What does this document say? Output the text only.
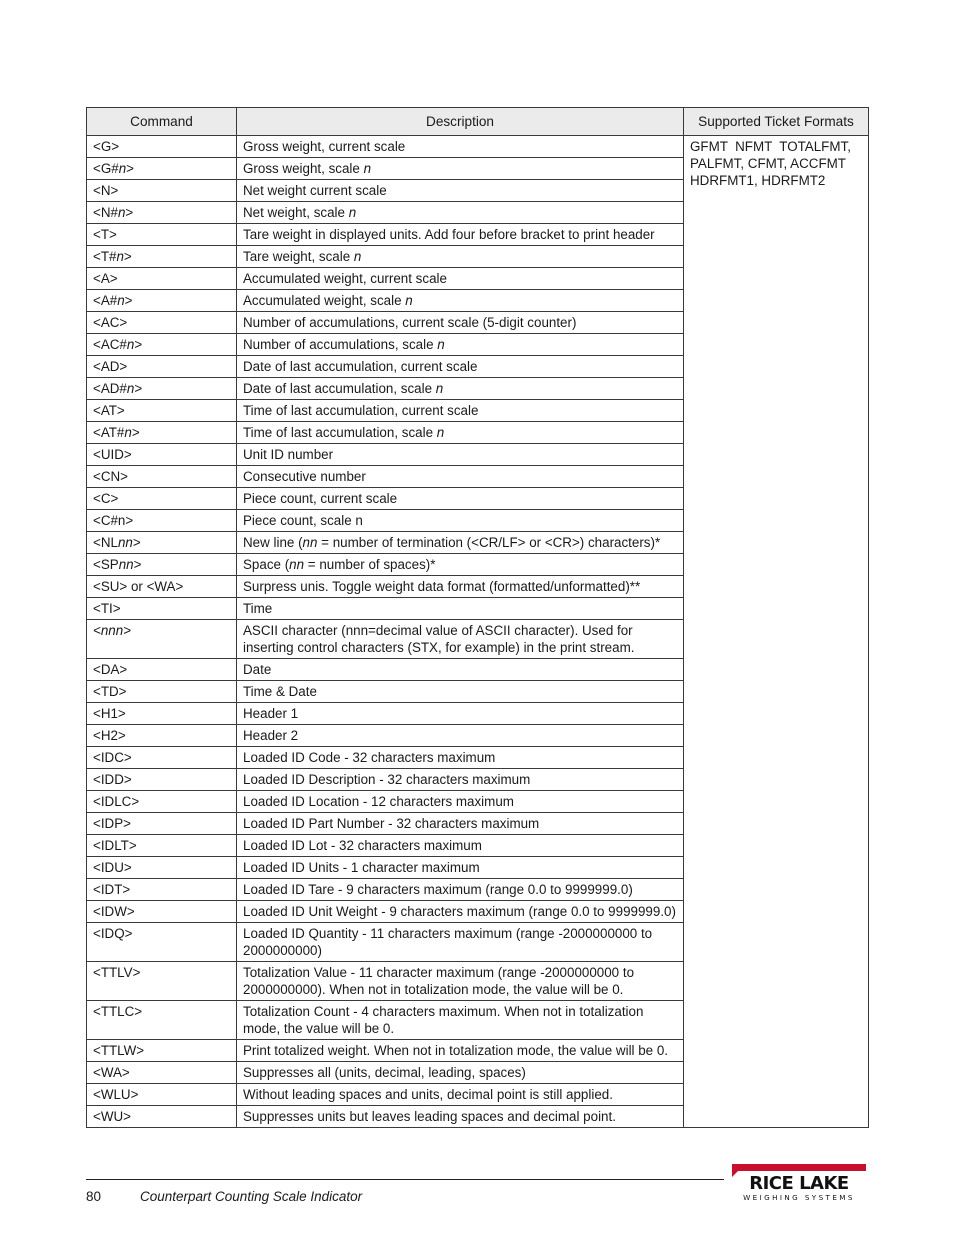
Command	Description	Supported Ticket Formats
<G>	Gross weight, current scale	GFMT  NFMT  TOTALFMT,
PALFMT, CFMT, ACCFMT
HDRFMT1, HDRFMT2

<G#n>	Gross weight, scale n	
<N>	Net weight current scale	
<N#n>	Net weight, scale n	
<T>	Tare weight in displayed units. Add four before bracket to print header	
<T#n>	Tare weight, scale n	
<A>	Accumulated weight, current scale	
<A#n>	Accumulated weight, scale n	
<AC>	Number of accumulations, current scale (5-digit counter)	
<AC#n>	Number of accumulations, scale n	
<AD>	Date of last accumulation, current scale	
<AD#n>	Date of last accumulation, scale n	
<AT>	Time of last accumulation, current scale	
<AT#n>	Time of last accumulation, scale n	
<UID>	Unit ID number	
<CN>	Consecutive number	
<C>	Piece count, current scale	
<C#n>	Piece count, scale n	
<NLnn>	New line (nn = number of termination (<CR/LF> or <CR>) characters)*	
<SPnn>	Space (nn = number of spaces)*	
<SU> or <WA>	Surpress unis. Toggle weight data format (formatted/unformatted)**	
<TI>	Time	
<nnn>	ASCII character (nnn=decimal value of ASCII character). Used for inserting control characters (STX, for example) in the print stream.	
<DA>	Date	
<TD>	Time & Date	
<H1>	Header 1	
<H2>	Header 2	
<IDC>	Loaded ID Code - 32 characters maximum	
<IDD>	Loaded ID Description - 32 characters maximum	
<IDLC>	Loaded ID Location - 12 characters maximum	
<IDP>	Loaded ID Part Number - 32 characters maximum	
<IDLT>	Loaded ID Lot - 32 characters maximum	
<IDU>	Loaded ID Units - 1 character maximum	
<IDT>	Loaded ID Tare - 9 characters maximum (range 0.0 to 9999999.0)	
<IDW>	Loaded ID Unit Weight - 9 characters maximum (range 0.0 to 9999999.0)	
<IDQ>	Loaded ID Quantity - 11 characters maximum (range -2000000000 to 2000000000)	
<TTLV>	Totalization Value - 11 character maximum (range -2000000000 to 2000000000). When not in totalization mode, the value will be 0.	
<TTLC>	Totalization Count - 4 characters maximum. When not in totalization mode, the value will be 0.	
<TTLW>	Print totalized weight. When not in totalization mode, the value will be 0.	
<WA>	Suppresses all (units, decimal, leading, spaces)	
<WLU>	Without leading spaces and units, decimal point is still applied.	
<WU>	Suppresses units but leaves leading spaces and decimal point.	
80	Counterpart Counting Scale Indicator
RICE LAKE
WEIGHING SYSTEMS
